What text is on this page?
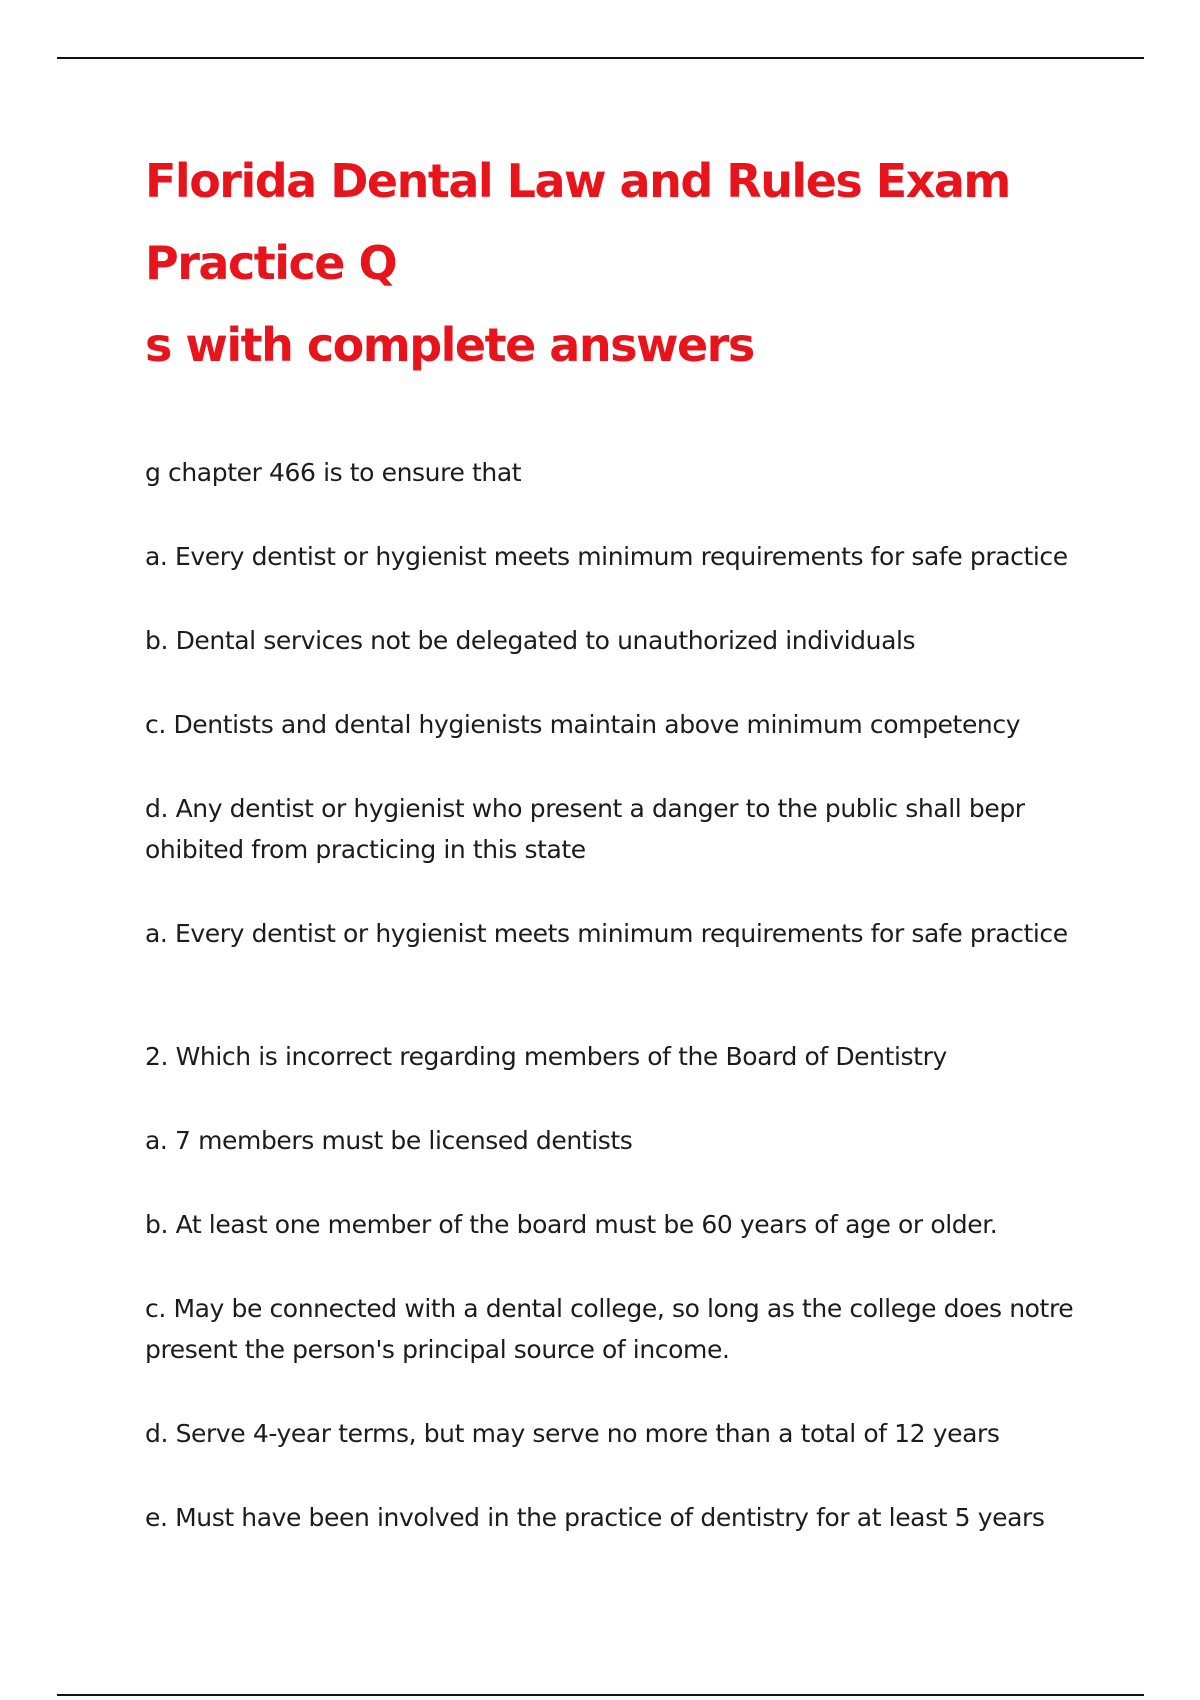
Florida Dental Law and Rules Exam Practice Q
s with complete answers

g chapter 466 is to ensure that

a. Every dentist or hygienist meets minimum requirements for safe practice

b. Dental services not be delegated to unauthorized individuals

c. Dentists and dental hygienists maintain above minimum competency

d. Any dentist or hygienist who present a danger to the public shall bepr
ohibited from practicing in this state

a. Every dentist or hygienist meets minimum requirements for safe practice

2. Which is incorrect regarding members of the Board of Dentistry

a. 7 members must be licensed dentists

b. At least one member of the board must be 60 years of age or older.

c. May be connected with a dental college, so long as the college does notre
present the person's principal source of income.

d. Serve 4-year terms, but may serve no more than a total of 12 years

e. Must have been involved in the practice of dentistry for at least 5 years
